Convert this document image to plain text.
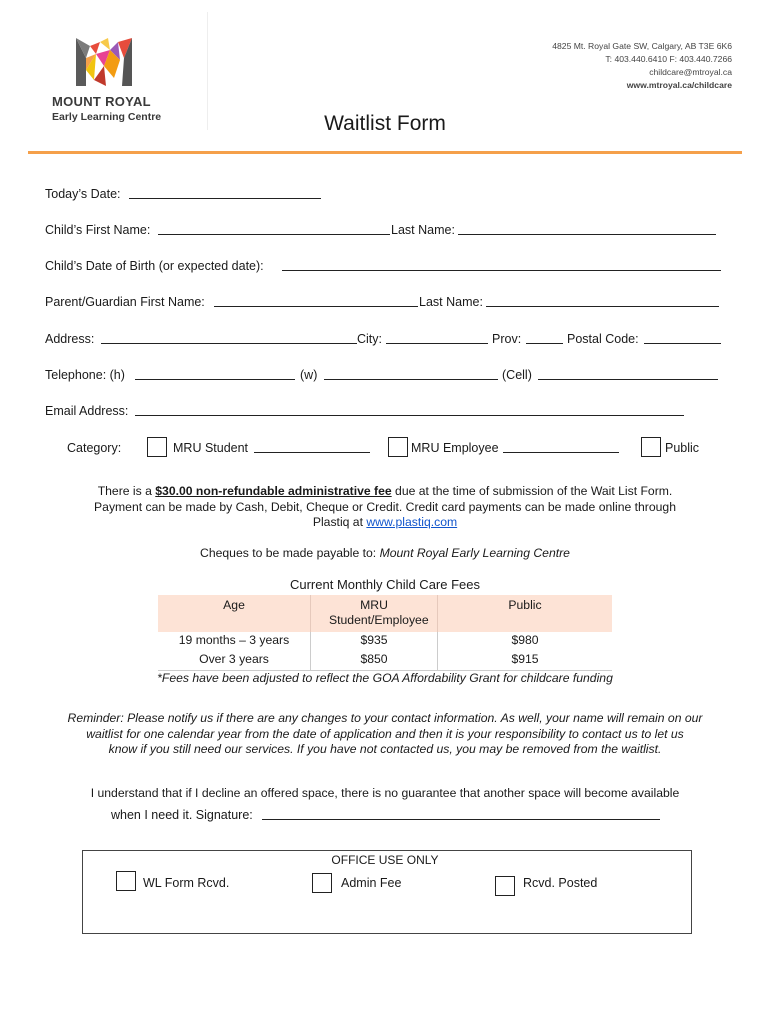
MOUNT ROYAL
Early Learning Centre
4825 Mt. Royal Gate SW, Calgary, AB T3E 6K6
T: 403.440.6410 F: 403.440.7266
childcare@mtroyal.ca
www.mtroyal.ca/childcare
Waitlist Form
Today’s Date:
Child’s First Name:	Last Name:
Child’s Date of Birth (or expected date):
Parent/Guardian First Name:	Last Name:
Address:	City:	Prov:	Postal Code:
Telephone: (h)	(w)	(Cell)
Email Address:
Category:	MRU Student	MRU Employee	Public
There is a $30.00 non-refundable administrative fee due at the time of submission of the Wait List Form.
Payment can be made by Cash, Debit, Cheque or Credit. Credit card payments can be made online through
Plastiq at www.plastiq.com
Cheques to be made payable to: Mount Royal Early Learning Centre
Current Monthly Child Care Fees
Age	MRU Student/Employee	Public
19 months – 3 years	$935	$980
Over 3 years	$850	$915
*Fees have been adjusted to reflect the GOA Affordability Grant for childcare funding
Reminder: Please notify us if there are any changes to your contact information. As well, your name will remain on our
waitlist for one calendar year from the date of application and then it is your responsibility to contact us to let us
know if you still need our services. If you have not contacted us, you may be removed from the waitlist.
I understand that if I decline an offered space, there is no guarantee that another space will become available
when I need it. Signature:
OFFICE USE ONLY
WL Form Rcvd.	Admin Fee	Rcvd. Posted
